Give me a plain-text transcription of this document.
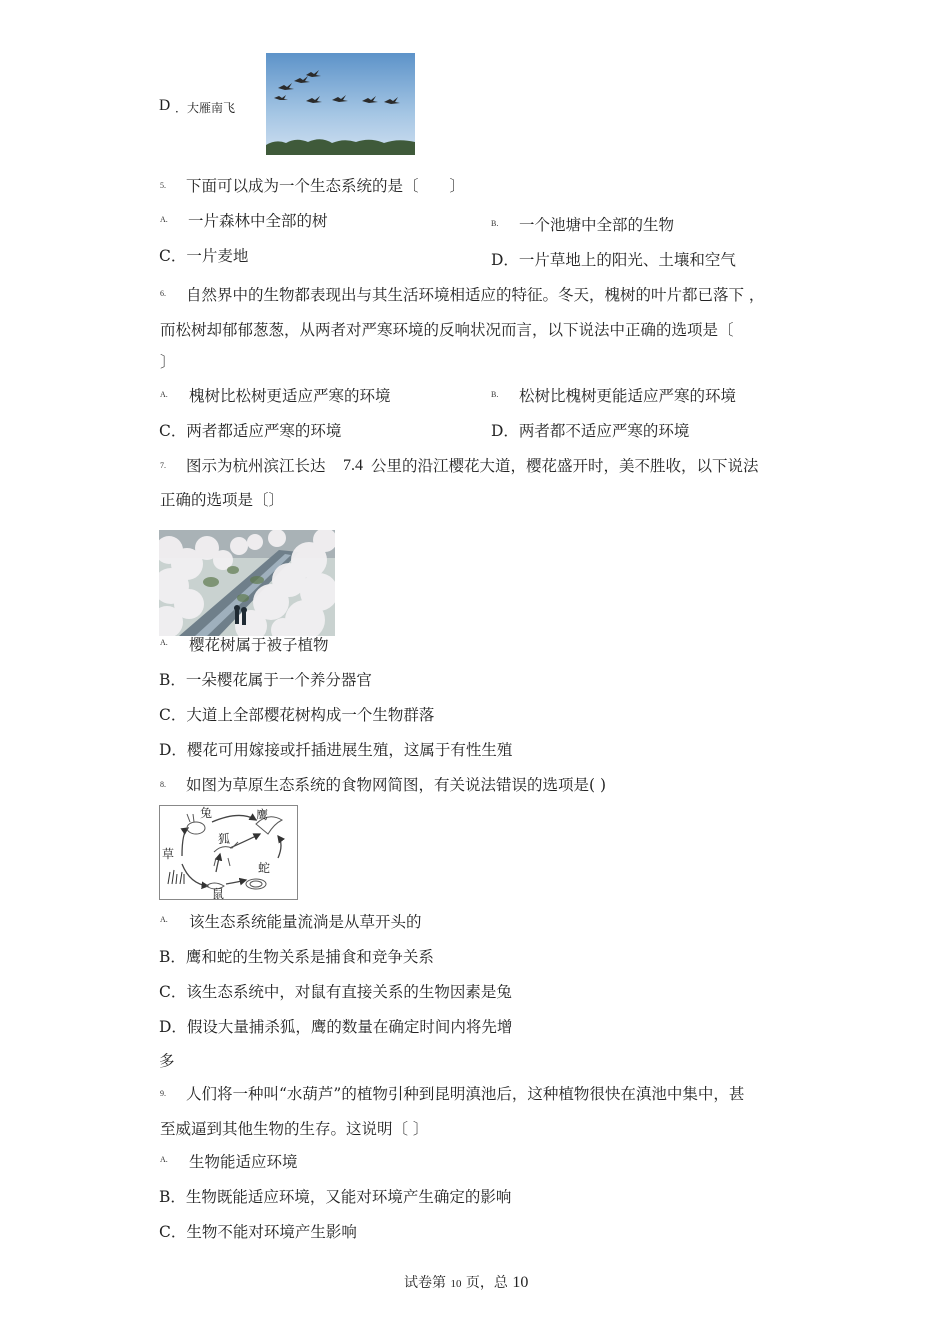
D ．大雁南飞
5. 下面可以成为一个生态系统的是〔　　〕
A. 一片森林中全部的树	B. 一个池塘中全部的生物
C．一片麦地	D．一片草地上的阳光、土壤和空气
6. 自然界中的生物都表现出与其生活环境相适应的特征。冬天，槐树的叶片都已落下 ，
而松树却郁郁葱葱，从两者对严寒环境的反响状况而言，以下说法中正确的选项是〔
〕
A. 槐树比松树更适应严寒的环境	B. 松树比槐树更能适应严寒的环境
C．两者都适应严寒的环境	D．两者都不适应严寒的环境
7. 图示为杭州滨江长达 7.4 公里的沿江樱花大道，樱花盛开时，美不胜收，以下说法
正确的选项是〔〕
A. 樱花树属于被子植物
B．一朵樱花属于一个养分器官
C．大道上全部樱花树构成一个生物群落
D．樱花可用嫁接或扦插进展生殖，这属于有性生殖
8. 如图为草原生态系统的食物网简图，有关说法错误的选项是( )
兔	鹰
狐
草
蛇
鼠
A. 该生态系统能量流淌是从草开头的
B．鹰和蛇的生物关系是捕食和竞争关系
C．该生态系统中，对鼠有直接关系的生物因素是兔
D．假设大量捕杀狐，鹰的数量在确定时间内将先增
多
9. 人们将一种叫“水葫芦”的植物引种到昆明滇池后，这种植物很快在滇池中集中，甚
至威逼到其他生物的生存。这说明〔 〕
A. 生物能适应环境
B．生物既能适应环境，又能对环境产生确定的影响
C．生物不能对环境产生影响
试卷第 10 页，总 10
